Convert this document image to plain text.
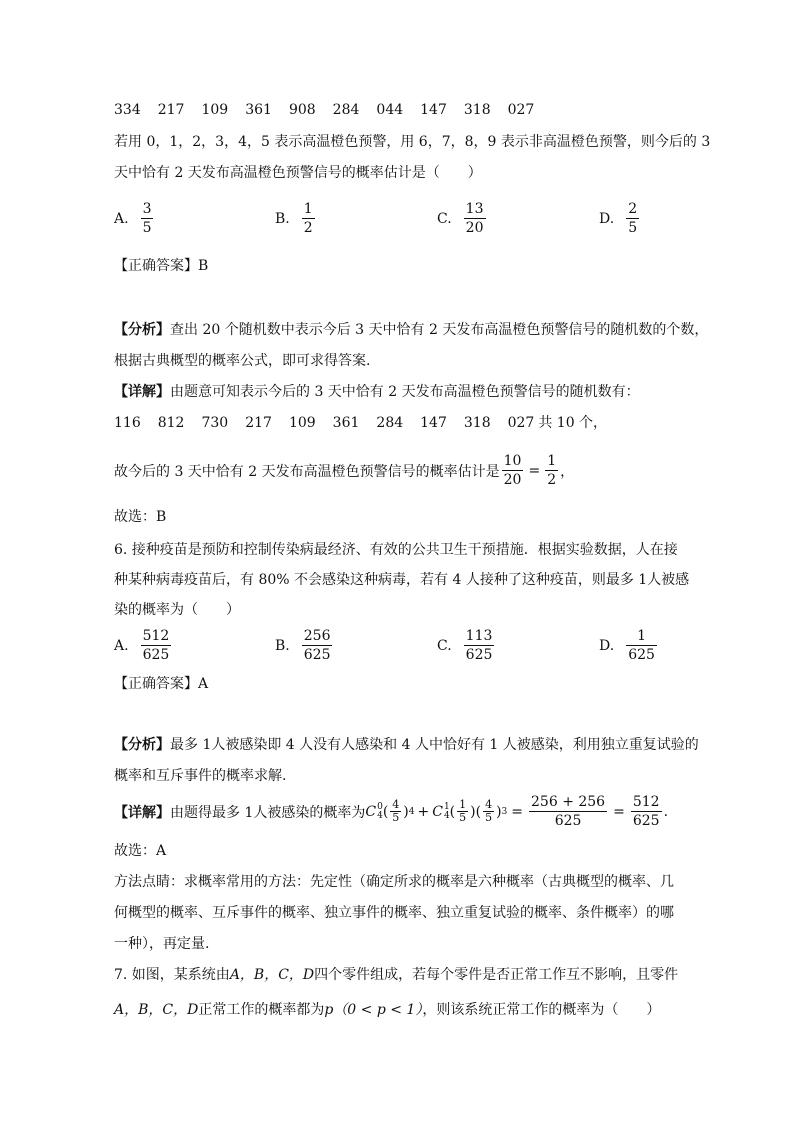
334 217 109 361 908 284 044 147 318 027
若用 0，1，2，3，4，5 表示高温橙色预警，用 6，7，8，9 表示非高温橙色预警，则今后的 3
天中恰有 2 天发布高温橙色预警信号的概率估计是（　　）
A. $\frac{3}{5}$	B. $\frac{1}{2}$	C. $\frac{13}{20}$	D. $\frac{2}{5}$
【正确答案】B
【分析】查出 20 个随机数中表示今后 3 天中恰有 2 天发布高温橙色预警信号的随机数的个数，
根据古典概型的概率公式，即可求得答案.
【详解】由题意可知表示今后的 3 天中恰有 2 天发布高温橙色预警信号的随机数有：
116 812 730 217 109 361 284 147 318 027 共 10 个，
故今后的 3 天中恰有 2 天发布高温橙色预警信号的概率估计是 $\frac{10}{20} = \frac{1}{2}$ ，
故选：B
6. 接种疫苗是预防和控制传染病最经济、有效的公共卫生干预措施．根据实验数据，人在接
种某种病毒疫苗后，有 80% 不会感染这种病毒，若有 4 人接种了这种疫苗，则最多 1人被感
染的概率为（　　）
A. $\frac{512}{625}$	B. $\frac{256}{625}$	C. $\frac{113}{625}$	D. $\frac{1}{625}$
【正确答案】A
【分析】最多 1人被感染即 4 人没有人感染和 4 人中恰好有 1 人被感染，利用独立重复试验的
概率和互斥事件的概率求解.
【详解】 由题得最多 1人被感染的概率为 C 0
4 ( $\frac{4}{5}$ ) 4 + C 1
4 ( $\frac{1}{5}$ )( $\frac{4}{5}$ ) $3 = \frac{256 + 256}{625} = \frac{512}{625}$ .
故选：A
方法点睛：求概率常用的方法：先定性（确定所求的概率是六种概率（古典概型的概率、几
何概型的概率、互斥事件的概率、独立事件的概率、独立重复试验的概率、条件概率）的哪
一种），再定量.
7. 如图，某系统由A，B，C，D四个零件组成，若每个零件是否正常工作互不影响，且零件
A，B，C，D正常工作的概率都为p（0 < p < 1），则该系统正常工作的概率为（　　）
